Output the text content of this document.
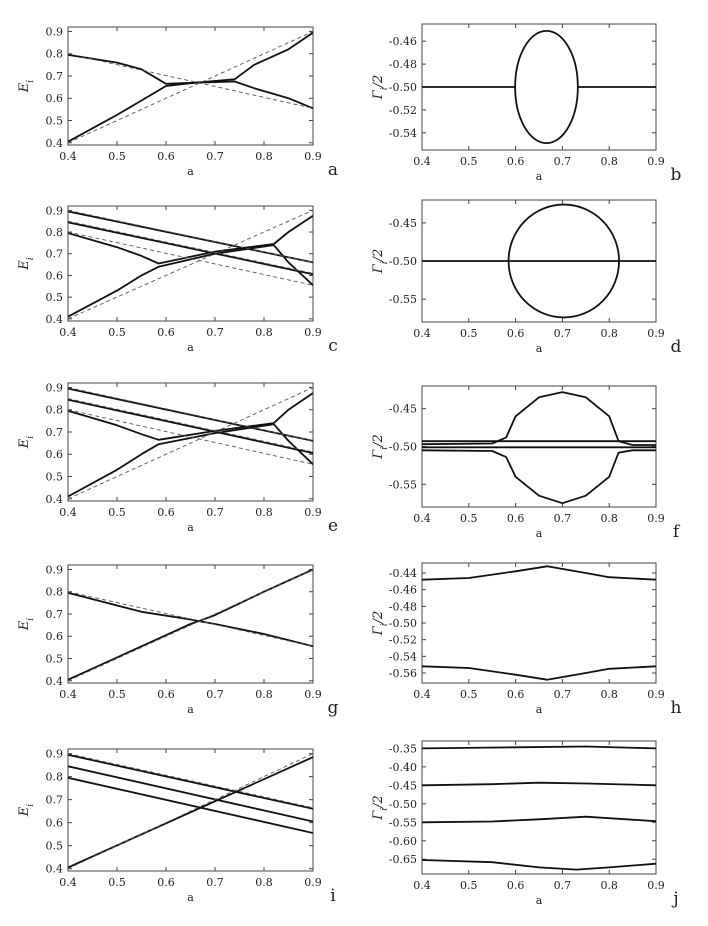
0.4	0.5	0.6	0.7	0.8	0.9
0.4
0.5
0.6
0.7
0.8
0.9
a
$E_i$
a	0.4	0.5	0.6	0.7	0.8	0.9
-0.54
-0.52
-0.50
-0.48
-0.46
a
$\Gamma_i/2$
b
0.4	0.5	0.6	0.7	0.8	0.9
0.4
0.5
0.6
0.7
0.8
0.9
a
$E_i$
c
0.4	0.5	0.6	0.7	0.8	0.9
-0.55
-0.50
-0.45
a
$\Gamma_i/2$
d
0.4	0.5	0.6	0.7	0.8	0.9
0.4
0.5
0.6
0.7
0.8
0.9
a
$E_i$
e	0.4	0.5	0.6	0.7	0.8	0.9
-0.55
-0.50
-0.45
a
$\Gamma_i/2$
f
0.4	0.5	0.6	0.7	0.8	0.9
0.4
0.5
0.6
0.7
0.8
0.9
a
$E_i$
g
0.4	0.5	0.6	0.7	0.8	0.9
-0.56
-0.54
-0.52
-0.50
-0.48
-0.46
-0.44
a
$\Gamma_i/2$
h
0.4	0.5	0.6	0.7	0.8	0.9
0.4
0.5
0.6
0.7
0.8
0.9
a
$E_i$
i
0.4	0.5	0.6	0.7	0.8	0.9
-0.65
-0.60
-0.55
-0.50
-0.45
-0.40
-0.35
a
$\Gamma_i/2$
j
